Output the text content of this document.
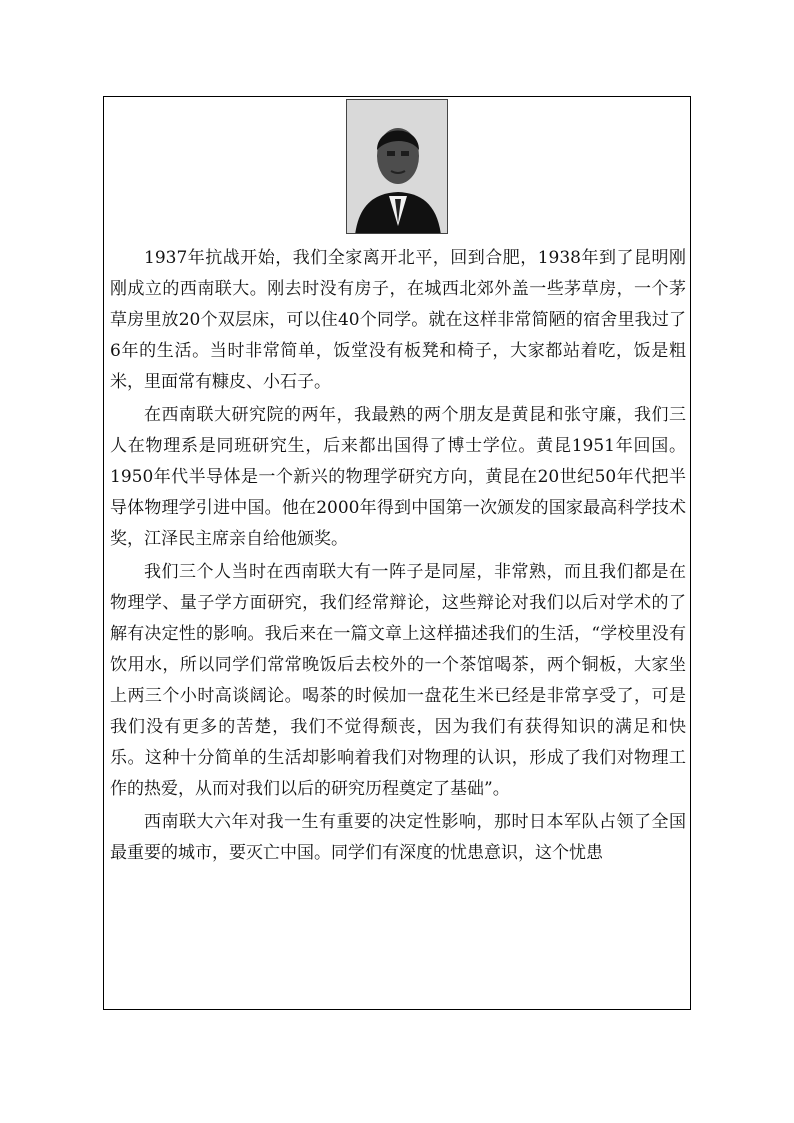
1937年抗战开始，我们全家离开北平，回到合肥，1938年到了昆明刚刚成立的西南联大。刚去时没有房子，在城西北郊外盖一些茅草房，一个茅草房里放20个双层床，可以住40个同学。就在这样非常简陋的宿舍里我过了6年的生活。当时非常简单，饭堂没有板凳和椅子，大家都站着吃，饭是粗米，里面常有糠皮、小石子。

在西南联大研究院的两年，我最熟的两个朋友是黄昆和张守廉，我们三人在物理系是同班研究生，后来都出国得了博士学位。黄昆1951年回国。1950年代半导体是一个新兴的物理学研究方向，黄昆在20世纪50年代把半导体物理学引进中国。他在2000年得到中国第一次颁发的国家最高科学技术奖，江泽民主席亲自给他颁奖。

我们三个人当时在西南联大有一阵子是同屋，非常熟，而且我们都是在物理学、量子学方面研究，我们经常辩论，这些辩论对我们以后对学术的了解有决定性的影响。我后来在一篇文章上这样描述我们的生活，“学校里没有饮用水，所以同学们常常晚饭后去校外的一个茶馆喝茶，两个铜板，大家坐上两三个小时高谈阔论。喝茶的时候加一盘花生米已经是非常享受了，可是我们没有更多的苦楚，我们不觉得颓丧，因为我们有获得知识的满足和快乐。这种十分简单的生活却影响着我们对物理的认识，形成了我们对物理工作的热爱，从而对我们以后的研究历程奠定了基础”。

西南联大六年对我一生有重要的决定性影响，那时日本军队占领了全国最重要的城市，要灭亡中国。同学们有深度的忧患意识，这个忧患
